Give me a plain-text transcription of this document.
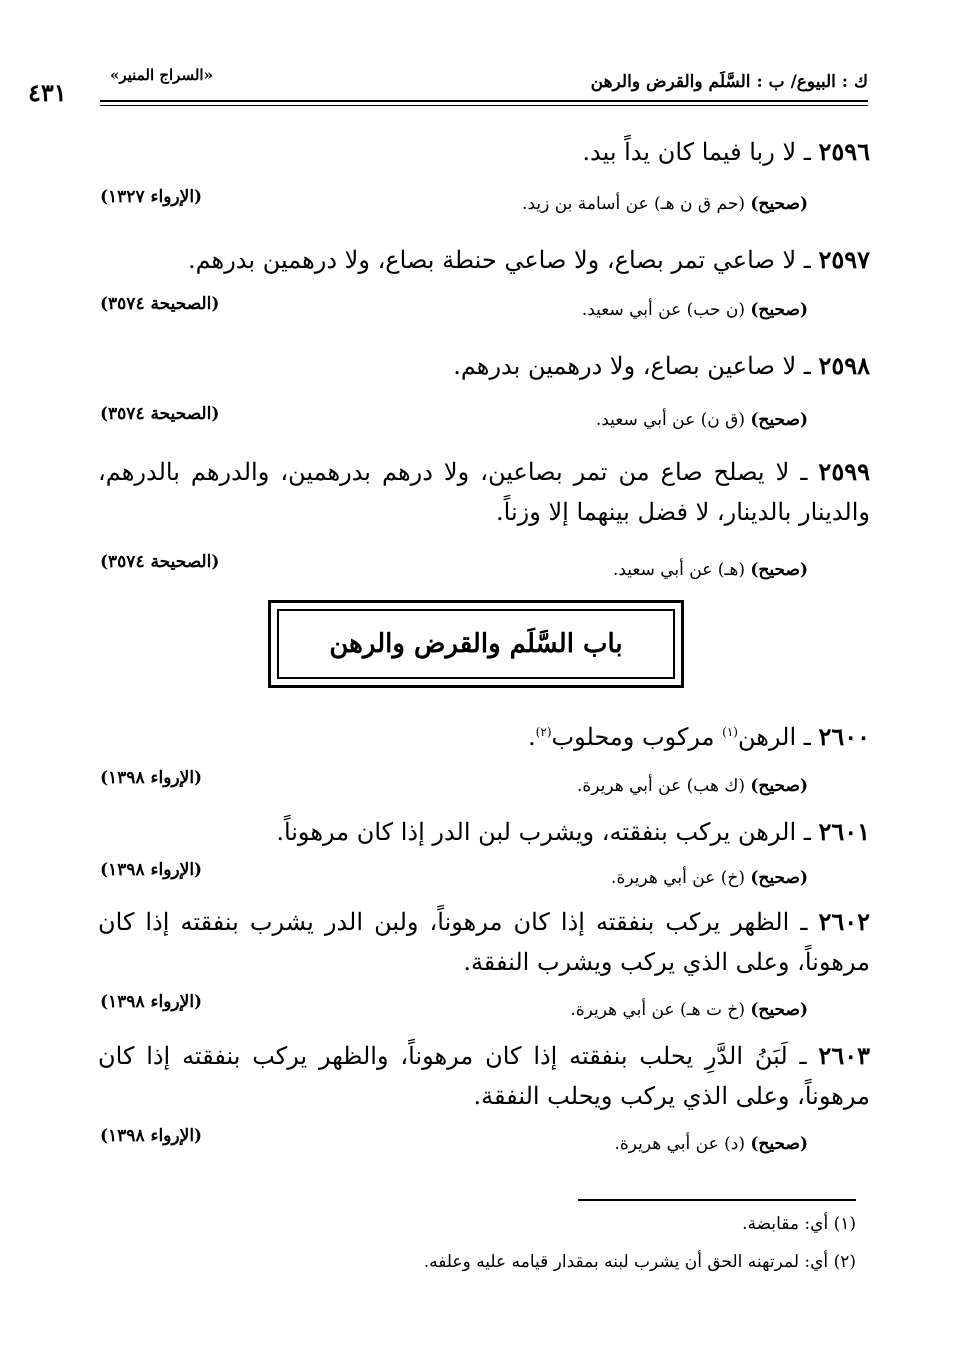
ك : البيوع/ ب : السَّلَم والقرض والرهن
«السراج المنير»
٤٣١
٢٥٩٦ ـ لا ربا فيما كان يداً بيد.
(صحيح) (حم ق ن هـ) عن أسامة بن زيد.
(الإرواء ١٣٢٧)
٢٥٩٧ ـ لا صاعي تمر بصاع، ولا صاعي حنطة بصاع، ولا درهمين بدرهم.
(صحيح) (ن حب) عن أبي سعيد.
(الصحيحة ٣٥٧٤)
٢٥٩٨ ـ لا صاعين بصاع، ولا درهمين بدرهم.
(صحيح) (ق ن) عن أبي سعيد.
(الصحيحة ٣٥٧٤)
٢٥٩٩ ـ لا يصلح صاع من تمر بصاعين، ولا درهم بدرهمين، والدرهم بالدرهم، والدينار بالدينار، لا فضل بينهما إلا وزناً.
(صحيح) (هـ) عن أبي سعيد.
(الصحيحة ٣٥٧٤)
باب السَّلَم والقرض والرهن
٢٦٠٠ ـ الرهن$^{(١)}$ مركوب ومحلوب$^{(٢)}$.
(صحيح) (ك هب) عن أبي هريرة.
(الإرواء ١٣٩٨)
٢٦٠١ ـ الرهن يركب بنفقته، ويشرب لبن الدر إذا كان مرهوناً.
(صحيح) (خ) عن أبي هريرة.
(الإرواء ١٣٩٨)
٢٦٠٢ ـ الظهر يركب بنفقته إذا كان مرهوناً، ولبن الدر يشرب بنفقته إذا كان مرهوناً، وعلى الذي يركب ويشرب النفقة.
(صحيح) (خ ت هـ) عن أبي هريرة.
(الإرواء ١٣٩٨)
٢٦٠٣ ـ لَبَنُ الدَّرِ يحلب بنفقته إذا كان مرهوناً، والظهر يركب بنفقته إذا كان مرهوناً، وعلى الذي يركب ويحلب النفقة.
(صحيح) (د) عن أبي هريرة.
(الإرواء ١٣٩٨)
(١) أي: مقابضة.
(٢) أي: لمرتهنه الحق أن يشرب لبنه بمقدار قيامه عليه وعلفه.
